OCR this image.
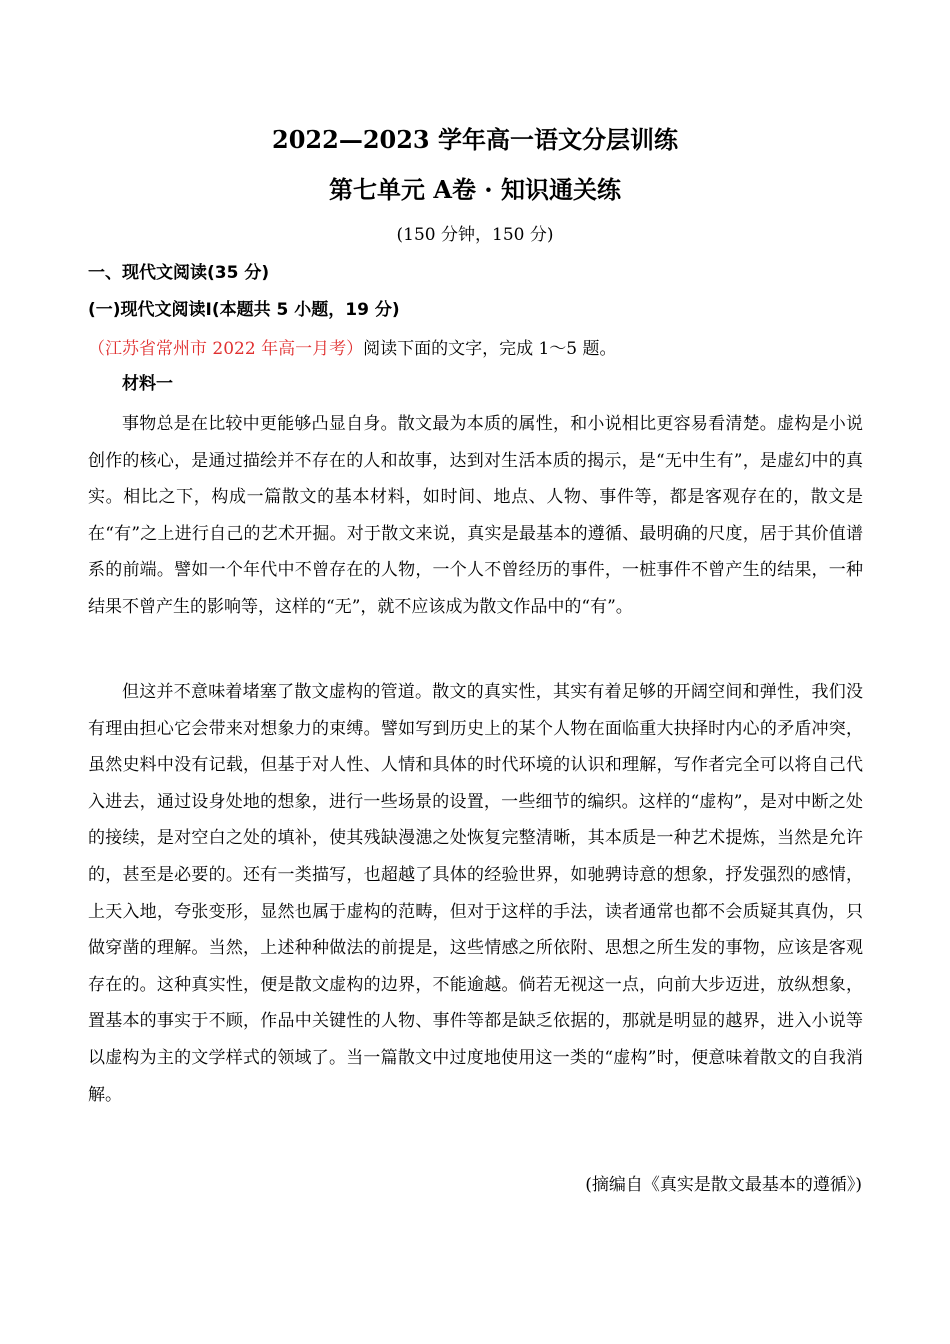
2022—2023 学年高一语文分层训练
第七单元 A卷 · 知识通关练
(150 分钟，150 分)
一、现代文阅读(35 分)
(一)现代文阅读Ⅰ(本题共 5 小题，19 分)
（江苏省常州市 2022 年高一月考）阅读下面的文字，完成 1～5 题。
材料一

事物总是在比较中更能够凸显自身。散文最为本质的属性，和小说相比更容易看清楚。虚构是小说创作的核心，是通过描绘并不存在的人和故事，达到对生活本质的揭示，是“无中生有”，是虚幻中的真实。相比之下，构成一篇散文的基本材料，如时间、地点、人物、事件等，都是客观存在的，散文是在“有”之上进行自己的艺术开掘。对于散文来说，真实是最基本的遵循、最明确的尺度，居于其价值谱系的前端。譬如一个年代中不曾存在的人物，一个人不曾经历的事件，一桩事件不曾产生的结果，一种结果不曾产生的影响等，这样的“无”，就不应该成为散文作品中的“有”。

但这并不意味着堵塞了散文虚构的管道。散文的真实性，其实有着足够的开阔空间和弹性，我们没有理由担心它会带来对想象力的束缚。譬如写到历史上的某个人物在面临重大抉择时内心的矛盾冲突，虽然史料中没有记载，但基于对人性、人情和具体的时代环境的认识和理解，写作者完全可以将自己代入进去，通过设身处地的想象，进行一些场景的设置，一些细节的编织。这样的“虚构”，是对中断之处的接续，是对空白之处的填补，使其残缺漫漶之处恢复完整清晰，其本质是一种艺术提炼，当然是允许的，甚至是必要的。还有一类描写，也超越了具体的经验世界，如驰骋诗意的想象，抒发强烈的感情，上天入地，夸张变形，显然也属于虚构的范畴，但对于这样的手法，读者通常也都不会质疑其真伪，只做穿凿的理解。当然，上述种种做法的前提是，这些情感之所依附、思想之所生发的事物，应该是客观存在的。这种真实性，便是散文虚构的边界，不能逾越。倘若无视这一点，向前大步迈进，放纵想象，置基本的事实于不顾，作品中关键性的人物、事件等都是缺乏依据的，那就是明显的越界，进入小说等以虚构为主的文学样式的领域了。当一篇散文中过度地使用这一类的“虚构”时，便意味着散文的自我消解。

(摘编自《真实是散文最基本的遵循》)
